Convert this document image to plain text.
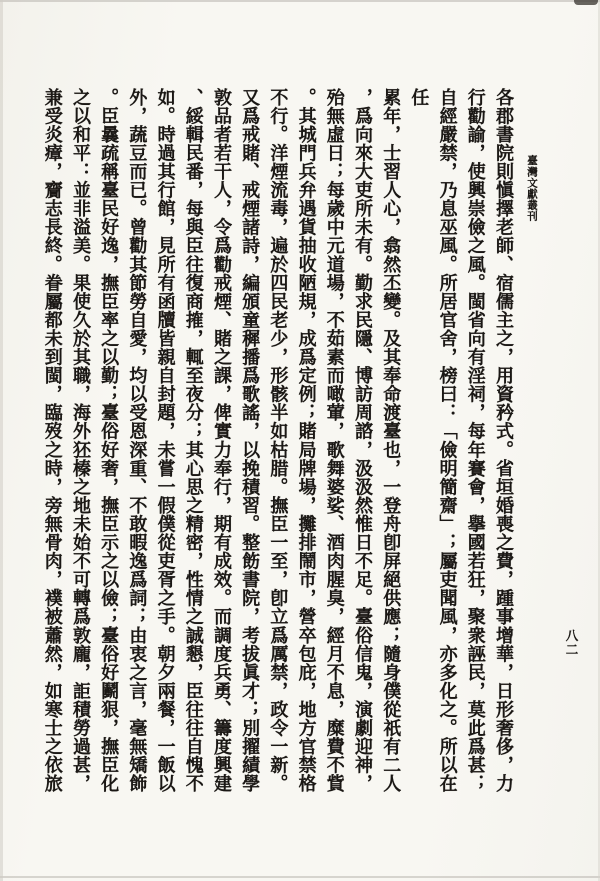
臺灣文獻叢刊
八二
各郡書院則愼擇老師、宿儒主之，用資矜式。省垣婚喪之費，踵事增華，日形奢侈，力
行勸諭，使興崇儉之風。閩省向有淫祠，每年賽會，擧國若狂，聚衆誣民，莫此爲甚；
自經嚴禁，乃息巫風。所居官舍，榜曰：「儉明簡齋」；屬吏聞風，亦多化之。所以在任
累年，士習人心，翕然丕變。及其奉命渡臺也，一登舟卽屏絕供應；隨身僕從祇有二人
，爲向來大吏所未有。勤求民隱、博訪周諮，汲汲然惟日不足。臺俗信鬼，演劇迎神，
殆無虛日；每歲中元道場，不茹素而噉葷，歌舞婆娑、酒肉腥臭，經月不息，糜費不貲
。其城門兵弁遇貨抽收陋規，成爲定例；賭局牌場，攤排鬧市，營卒包庇，地方官禁格
不行。洋煙流毒，遍於四民老少，形骸半如枯腊。撫臣一至，卽立爲厲禁，政令一新。
又爲戒賭、戒煙諸詩，編頒童穉播爲歌謠，以挽積習。整飭書院，考拔眞才；別擢績學
敦品者若干人，令爲勸戒煙、賭之課，俾實力奉行，期有成效。而調度兵勇、籌度興建
、綏輯民番，每與臣往復商搉，輒至夜分；其心思之精密，性情之誠懇，臣往往自愧不
如。時過其行館，見所有函牘皆親自封題，未嘗一假僕從吏胥之手。朝夕兩餐，一飯以
外，蔬豆而已。曾勸其節勞自愛，均以受恩深重、不敢暇逸爲詞；由衷之言，毫無矯飾
。臣曩疏稱臺民好逸，撫臣率之以勤；臺俗好奢，撫臣示之以儉；臺俗好鬬狠，撫臣化
之以和平：並非溢美。果使久於其職，海外狉榛之地未始不可轉爲敦龐，詎積勞過甚，
兼受炎瘴，齎志長終。眷屬都未到閩，臨歿之時，旁無骨肉，襆被蕭然，如寒士之依旅
